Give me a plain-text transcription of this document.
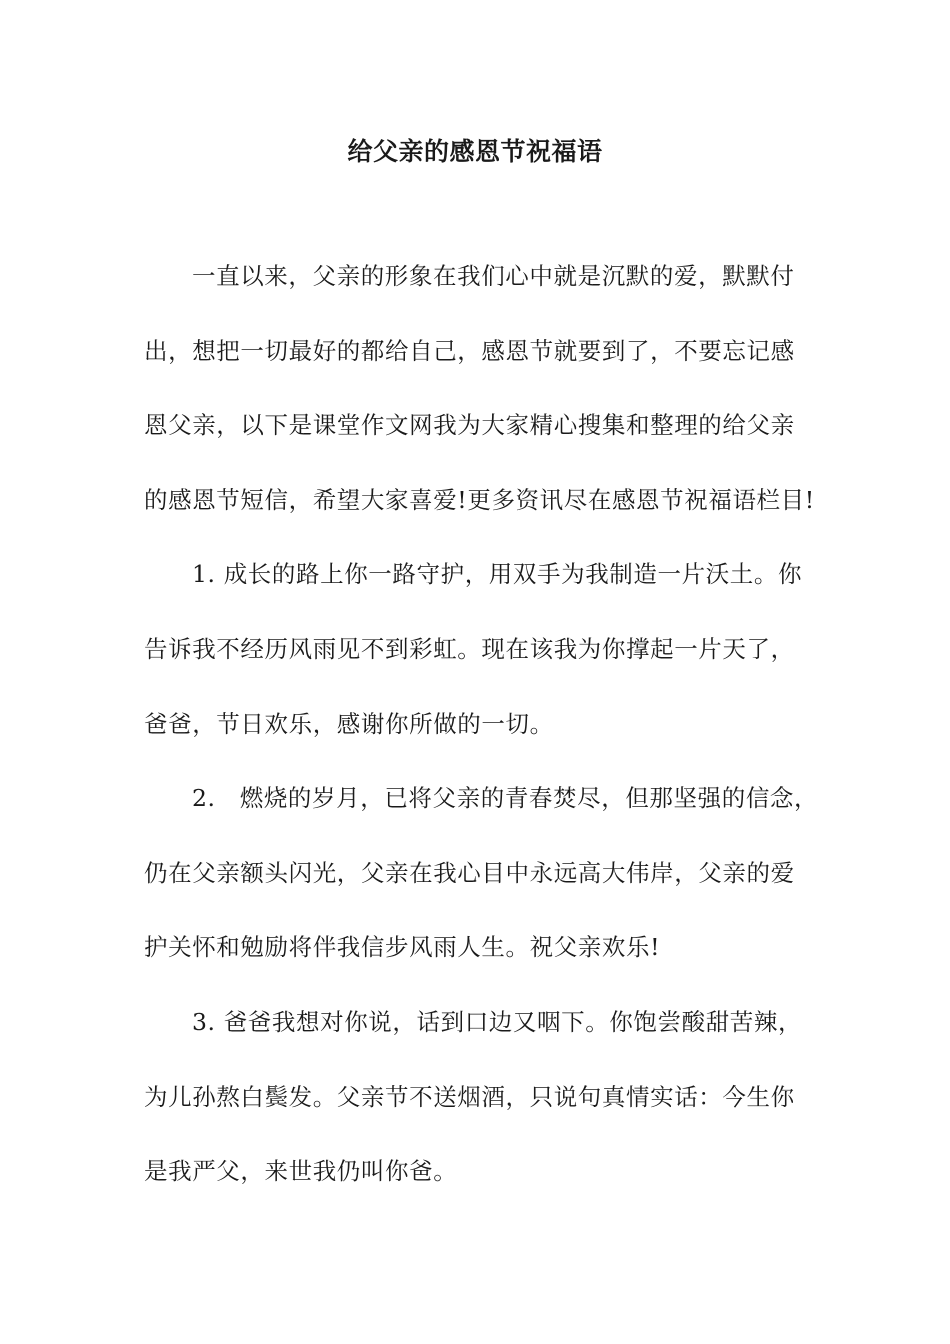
给父亲的感恩节祝福语
一直以来，父亲的形象在我们心中就是沉默的爱，默默付
出，想把一切最好的都给自己，感恩节就要到了，不要忘记感
恩父亲，以下是课堂作文网我为大家精心搜集和整理的给父亲
的感恩节短信，希望大家喜爱!更多资讯尽在感恩节祝福语栏目!
1. 成长的路上你一路守护，用双手为我制造一片沃土。你
告诉我不经历风雨见不到彩虹。现在该我为你撑起一片天了，
爸爸，节日欢乐，感谢你所做的一切。
2.　燃烧的岁月，已将父亲的青春焚尽，但那坚强的信念，
仍在父亲额头闪光，父亲在我心目中永远高大伟岸，父亲的爱
护关怀和勉励将伴我信步风雨人生。祝父亲欢乐!
3. 爸爸我想对你说，话到口边又咽下。你饱尝酸甜苦辣，
为儿孙熬白鬓发。父亲节不送烟酒，只说句真情实话：今生你
是我严父，来世我仍叫你爸。
